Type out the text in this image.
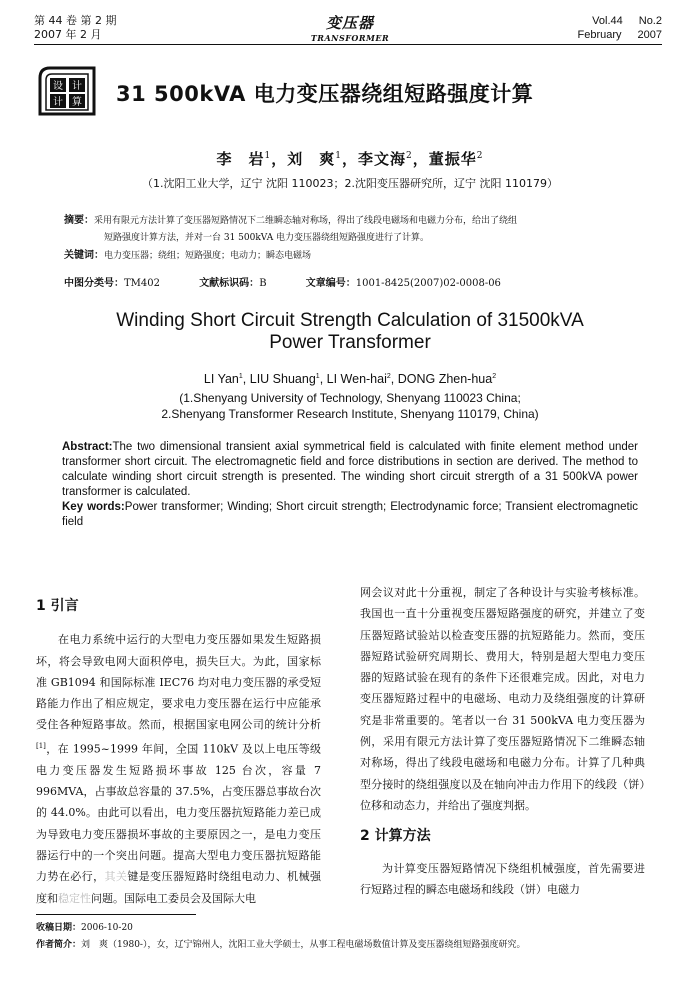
第 44 卷 第 2 期
2007 年 2 月
变压器
TRANSFORMER
Vol.44 No.2
February 2007
设 计
计 算 31 500kVA 电力变压器绕组短路强度计算
李　岩$^1$，刘　爽$^1$，李文海$^2$，董振华$^2$
（1.沈阳工业大学，辽宁 沈阳 110023；2.沈阳变压器研究所，辽宁 沈阳 110179）
摘要：采用有限元方法计算了变压器短路情况下二维瞬态轴对称场，得出了线段电磁场和电磁力分布，给出了绕组
短路强度计算方法，并对一台 31 500kVA 电力变压器绕组短路强度进行了计算。
关键词：电力变压器；绕组；短路强度；电动力；瞬态电磁场
中图分类号：TM402	文献标识码：B	文章编号：1001-8425(2007)02-0008-06
Winding Short Circuit Strength Calculation of 31500kVA
Power Transformer
LI Yan$^1$, LIU Shuang$^1$, LI Wen-hai$^2$, DONG Zhen-hua$^2$
(1.Shenyang University of Technology, Shenyang 110023 China;
2.Shenyang Transformer Research Institute, Shenyang 110179, China)
Abstract:The two dimensional transient axial symmetrical field is calculated with finite element method under transformer short circuit. The electromagnetic field and force distributions in section are derived. The method to calculate winding short circuit strength is presented. The winding short circuit strergth of a 31 500kVA power transformer is calculated.
Key words:Power transformer; Winding; Short circuit strength; Electrodynamic force; Transient electromagnetic field
1 引言

在电力系统中运行的大型电力变压器如果发生短路损坏，将会导致电网大面积停电，损失巨大。为此，国家标准 GB1094 和国际标准 IEC76 均对电力变压器的承受短路能力作出了相应规定，要求电力变压器在运行中应能承受住各种短路事故。然而，根据国家电网公司的统计分析[1]，在 1995~1999 年间，全国 110kV 及以上电压等级电力变压器发生短路损坏事故 125 台次，容量 7 996MVA，占事故总容量的 37.5%，占变压器总事故台次的 44.0%。由此可以看出，电力变压器抗短路能力差已成为导致电力变压器损坏事故的主要原因之一，是电力变压器运行中的一个突出问题。提高大型电力变压器抗短路能力势在必行，其关键是变压器短路时绕组电动力、机械强度和稳定性问题。国际电工委员会及国际大电

网会议对此十分重视，制定了各种设计与实验考核标准。我国也一直十分重视变压器短路强度的研究，并建立了变压器短路试验站以检查变压器的抗短路能力。然而，变压器短路试验研究周期长、费用大，特别是超大型电力变压器的短路试验在现有的条件下还很难完成。因此，对电力变压器短路过程中的电磁场、电动力及绕组强度的计算研究是非常重要的。笔者以一台 31 500kVA 电力变压器为例，采用有限元方法计算了变压器短路情况下二维瞬态轴对称场，得出了线段电磁场和电磁力分布。计算了几种典型分接时的绕组强度以及在轴向冲击力作用下的线段（饼）位移和动态力，并给出了强度判据。

2 计算方法

为计算变压器短路情况下绕组机械强度，首先需要进行短路过程的瞬态电磁场和线段（饼）电磁力

收稿日期：2006-10-20
作者简介：刘　爽（1980-），女，辽宁锦州人，沈阳工业大学硕士，从事工程电磁场数值计算及变压器绕组短路强度研究。
